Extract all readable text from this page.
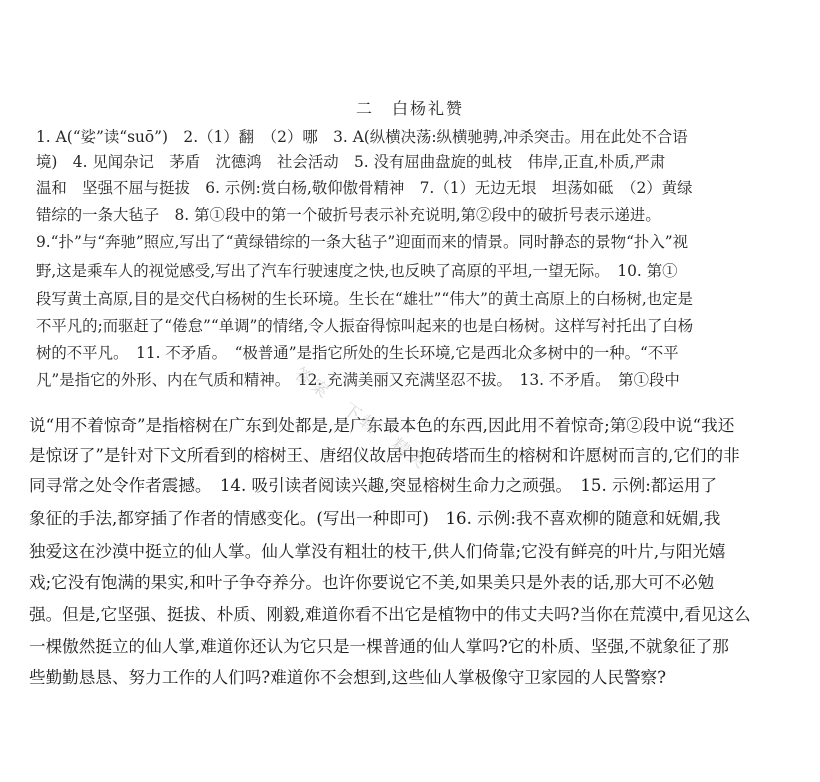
二　白杨礼赞
1. A(“娑”读“suō”)　2.（1）翻　（2）哪　3. A(纵横决荡:纵横驰骋,冲杀突击。用在此处不合语
境)　4. 见闻杂记　茅盾　沈德鸿　社会活动　5. 没有屈曲盘旋的虬枝　伟岸,正直,朴质,严肃
温和　坚强不屈与挺拔　6. 示例:赏白杨,敬仰傲骨精神　7.（1）无边无垠　坦荡如砥　（2）黄绿
错综的一条大毡子　8. 第①段中的第一个破折号表示补充说明,第②段中的破折号表示递进。
9.“扑”与“奔驰”照应,写出了“黄绿错综的一条大毡子”迎面而来的情景。同时静态的景物“扑入”视
野,这是乘车人的视觉感受,写出了汽车行驶速度之快,也反映了高原的平坦,一望无际。　10. 第①
段写黄土高原,目的是交代白杨树的生长环境。生长在“雄壮”“伟大”的黄土高原上的白杨树,也定是
不平凡的;而驱赶了“倦怠”“单调”的情绪,令人振奋得惊叫起来的也是白杨树。这样写衬托出了白杨
树的不平凡。　11. 不矛盾。　“极普通”是指它所处的生长环境,它是西北众多树中的一种。“不平
凡”是指它的外形、内在气质和精神。　12. 充满美丽又充满坚忍不拔。　13. 不矛盾。　第①段中
说“用不着惊奇”是指榕树在广东到处都是,是广东最本色的东西,因此用不着惊奇;第②段中说“我还
是惊讶了”是针对下文所看到的榕树王、唐绍仪故居中抱砖塔而生的榕树和许愿树而言的,它们的非
同寻常之处令作者震撼。　14. 吸引读者阅读兴趣,突显榕树生命力之顽强。　15. 示例:都运用了
象征的手法,都穿插了作者的情感变化。(写出一种即可)　16. 示例:我不喜欢柳的随意和妩媚,我
独爱这在沙漠中挺立的仙人掌。仙人掌没有粗壮的枝干,供人们倚靠;它没有鲜亮的叶片,与阳光嬉
戏;它没有饱满的果实,和叶子争夺养分。也许你要说它不美,如果美只是外表的话,那大可不必勉
强。但是,它坚强、挺拔、朴质、刚毅,难道你看不出它是植物中的伟丈夫吗?当你在荒漠中,看见这么
一棵傲然挺立的仙人掌,难道你还认为它只是一棵普通的仙人掌吗?它的朴质、坚强,不就象征了那
些勤勤恳恳、努力工作的人们吗?难道你不会想到,这些仙人掌极像守卫家园的人民警察?
答案　下载　精英
